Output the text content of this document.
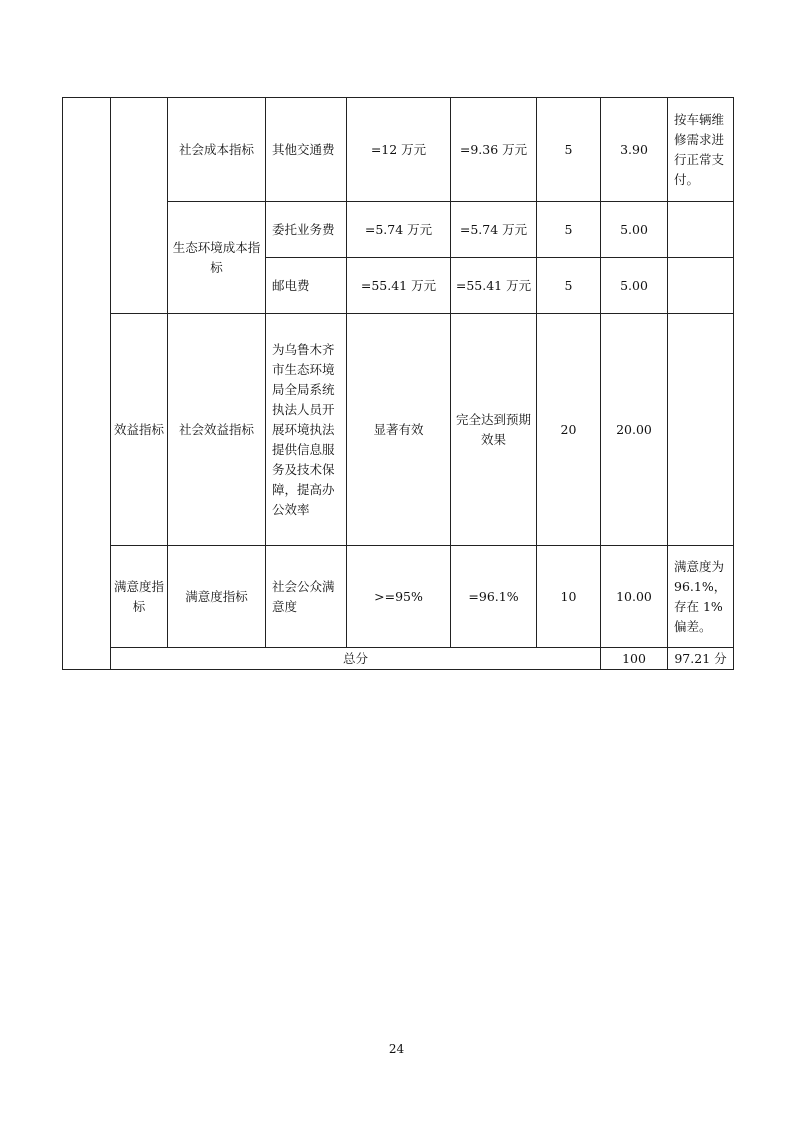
		社会成本指标	其他交通费	=12 万元	=9.36 万元	5	3.90	按车辆维修需求进行正常支付。	
		生态环境成本指标	委托业务费	=5.74 万元	=5.74 万元	5	5.00		
			邮电费	=55.41 万元	=55.41 万元	5	5.00		
	效益指标	社会效益指标	为乌鲁木齐市生态环境局全局系统执法人员开展环境执法提供信息服务及技术保障，提高办公效率	显著有效	完全达到预期效果	20	20.00		
	满意度指标	满意度指标	社会公众满意度	>=95%	=96.1%	10	10.00	满意度为 96.1%，存在 1% 偏差。	
	总分						100	97.21 分	
24
